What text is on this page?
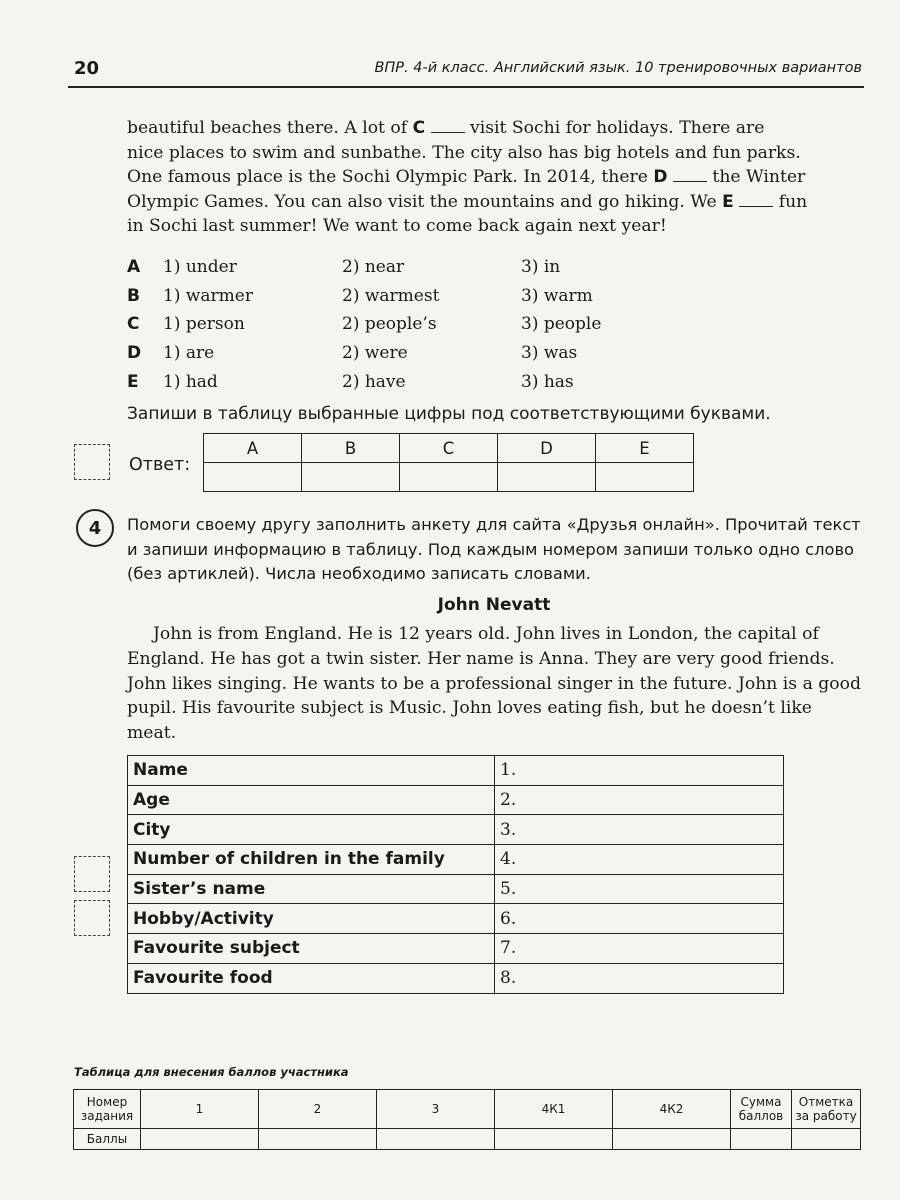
20	ВПР. 4-й класс. Английский язык. 10 тренировочных вариантов

beautiful beaches there. A lot of C	visit Sochi for holidays. There are
nice places to swim and sunbathe. The city also has big hotels and fun parks.
One famous place is the Sochi Olympic Park. In 2014, there D	the Winter
Olympic Games. You can also visit the mountains and go hiking. We E	fun
in Sochi last summer! We want to come back again next year!

A	1) under	2) near	3) in
B	1) warmer	2) warmest	3) warm
C	1) person	2) people’s	3) people
D	1) are	2) were	3) was
E	1) had	2) have	3) has
Запиши в таблицу выбранные цифры под соответствующими буквами.
Ответ:
A	B	C	D	E

4	Помоги своему другу заполнить анкету для сайта «Друзья онлайн». Прочитай текст и запиши информацию в таблицу. Под каждым номером запиши только одно слово (без артиклей). Числа необходимо записать словами.

John Nevatt

John is from England. He is 12 years old. John lives in London, the capital of England. He has got a twin sister. Her name is Anna. They are very good friends. John likes singing. He wants to be a professional singer in the future. John is a good pupil. His favourite subject is Music. John loves eating fish, but he doesn’t like meat.

Name	1.
Age	2.
City	3.
Number of children in the family	4.
Sister’s name	5.
Hobby/Activity	6.
Favourite subject	7.
Favourite food	8.
Таблица для внесения баллов участника
Номер задания	1	2	3	4К1	4К2	Сумма баллов	Отметка за работу
Баллы							
